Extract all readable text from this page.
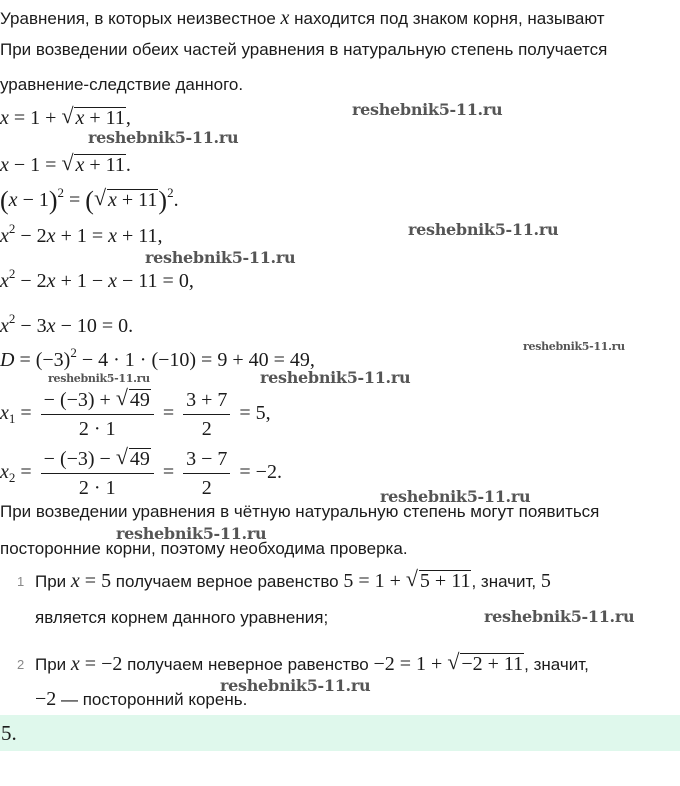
Уравнения, в которых неизвестное x находится под знаком корня, называют
При возведении обеих частей уравнения в натуральную степень получается
уравнение-следствие данного.
x = 1 + √ x + 11,
x − 1 = √ x + 11.
$(x - 1)^2$ = (√ x + 11)$^2$.
$x^2 - 2x + 1 = x + 11$,
$x^2 - 2x + 1 - x - 11 = 0$,
$x^2 - 3x - 10 = 0$.
$D = (-3)^2 - 4 \cdot 1 \cdot (-10) = 9 + 40 = 49$,
$x_1 = \frac{- (-3) + √ 49}{2 \cdot 1} = \frac{3 + 7}{2} = 5$,
$x_2 = \frac{- (-3) - √ 49}{2 \cdot 1} = \frac{3 - 7}{2} = -2$.
При возведении уравнения в чётную натуральную степень могут появиться
посторонние корни, поэтому необходима проверка.
1 При x = 5 получаем верное равенство 5 = 1 + √ 5 + 11, значит, 5
является корнем данного уравнения;
2 При x = −2 получаем неверное равенство −2 = 1 + √ −2 + 11, значит,
−2 — посторонний корень.
5.
reshebnik5-11.ru
reshebnik5-11.ru
reshebnik5-11.ru
reshebnik5-11.ru
reshebnik5-11.ru
reshebnik5-11.ru	reshebnik5-11.ru
reshebnik5-11.ru
reshebnik5-11.ru
reshebnik5-11.ru
reshebnik5-11.ru
